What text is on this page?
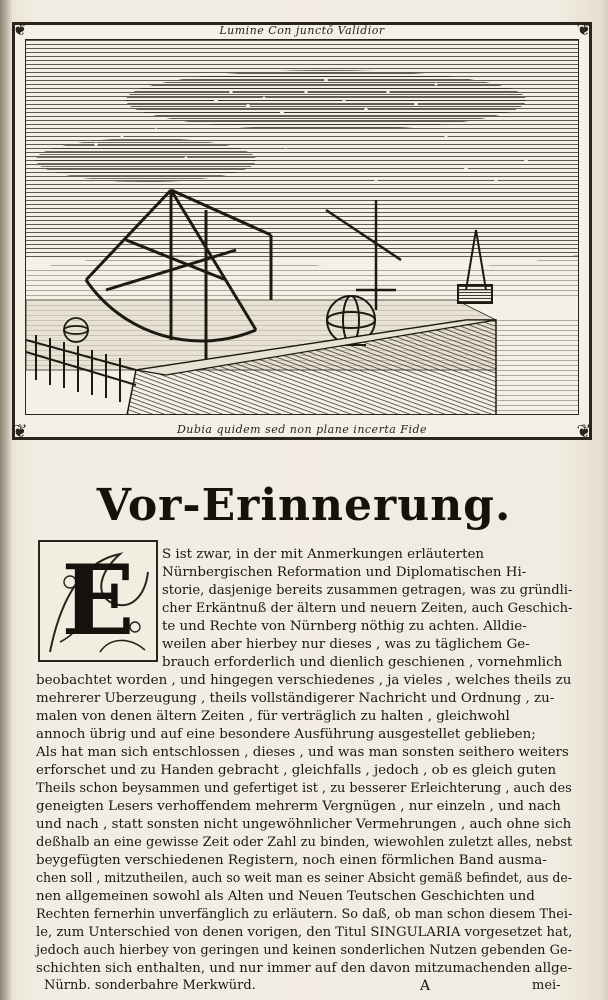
❦	❦
❦	❦
Lumine Con junctō Validior
Dubia quidem sed non plane incerta Fide
Vor-Erinnerung.
E	S ist zwar, in der mit Anmerkungen erläuterten
Nürnbergischen Reformation und Diplomatischen Hi-
storie, dasjenige bereits zusammen getragen, was zu gründli-
cher Erkäntnuß der ältern und neuern Zeiten, auch Geschich-
te und Rechte von Nürnberg nöthig zu achten. Alldie-
weilen aber hierbey nur dieses , was zu täglichem Ge-
brauch erforderlich und dienlich geschienen , vornehmlich
beobachtet worden , und hingegen verschiedenes , ja vieles , welches theils zu
mehrerer Uberzeugung , theils vollständigerer Nachricht und Ordnung , zu-
malen von denen ältern Zeiten , für verträglich zu halten , gleichwohl
annoch übrig und auf eine besondere Ausführung ausgestellet geblieben;
Als hat man sich entschlossen , dieses , und was man sonsten seithero weiters
erforschet und zu Handen gebracht , gleichfalls , jedoch , ob es gleich guten
Theils schon beysammen und gefertiget ist , zu besserer Erleichterung , auch des
geneigten Lesers verhoffendem mehrerm Vergnügen , nur einzeln , und nach
und nach , statt sonsten nicht ungewöhnlicher Vermehrungen , auch ohne sich
deßhalb an eine gewisse Zeit oder Zahl zu binden, wiewohlen zuletzt alles, nebst
beygefügten verschiedenen Registern, noch einen förmlichen Band ausma-
chen soll , mitzutheilen, auch so weit man es seiner Absicht gemäß befindet, aus de-
nen allgemeinen sowohl als Alten und Neuen Teutschen Geschichten und
Rechten fernerhin unverfänglich zu erläutern. So daß, ob man schon diesem Thei-
le, zum Unterschied von denen vorigen, den Titul SINGULARIA vorgesetzet hat,
jedoch auch hierbey von geringen und keinen sonderlichen Nutzen gebenden Ge-
schichten sich enthalten, und nur immer auf den davon mitzumachenden allge-
Nürnb. sonderbahre Merkwürd.	A	mei-
